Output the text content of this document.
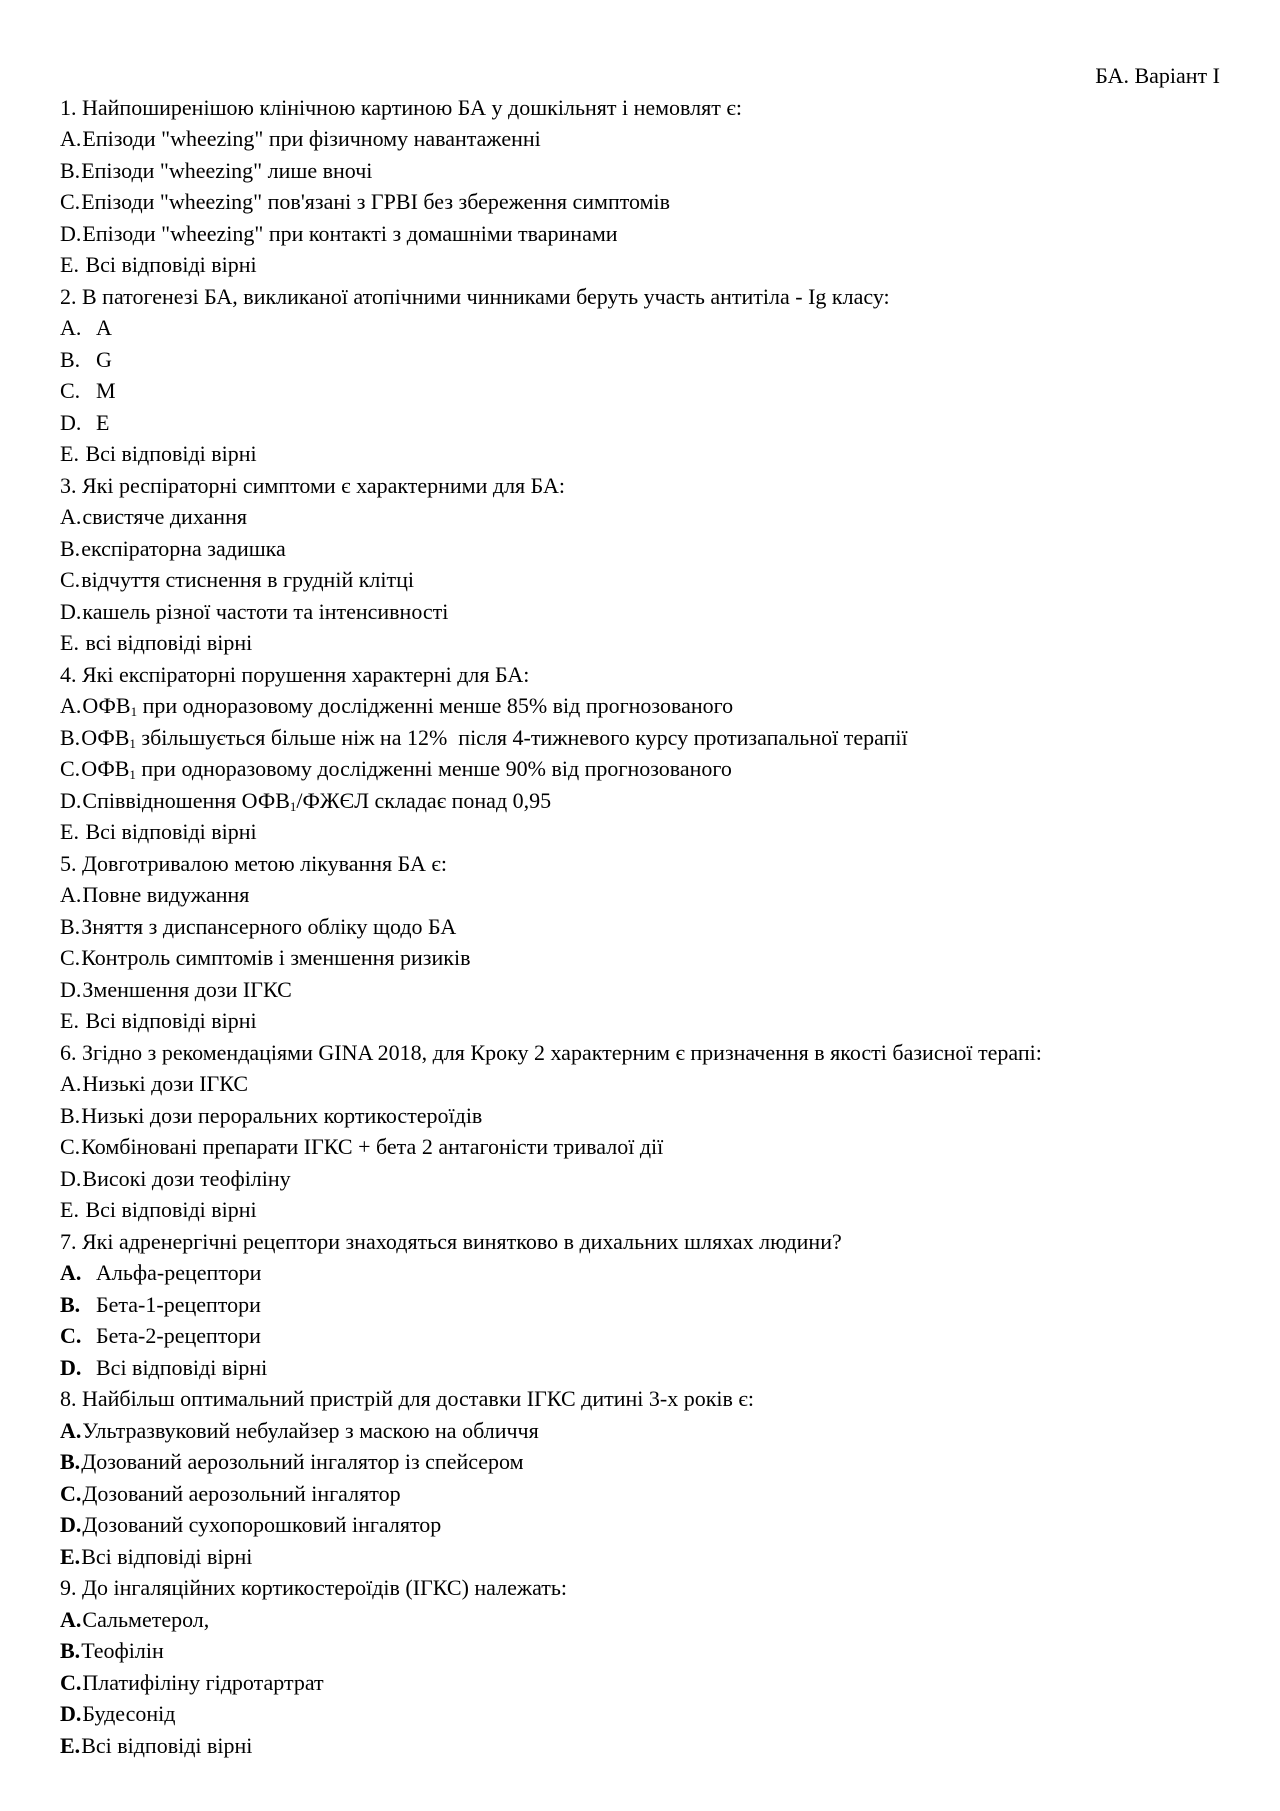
БА. Варіант І
1. Найпоширенішою клінічною картиною БА у дошкільнят і немовлят є:
A.Епізоди "wheezing" при фізичному навантаженні
B.Епізоди "wheezing" лише вночі
C.Епізоди "wheezing" пов'язані з ГРВІ без збереження симптомів
D.Епізоди "wheezing" при контакті з домашніми тваринами
E. Всі відповіді вірні
2. В патогенезі БА, викликаної атопічними чинниками беруть участь антитіла - Ig класу:
A. A
B. G
C. M
D. E
E. Всі відповіді вірні
3. Які респіраторні симптоми є характерними для БА:
A.свистяче дихання
B.експіраторна задишка
C.відчуття стиснення в грудній клітці
D.кашель різної частоти та інтенсивності
E. всі відповіді вірні
4. Які експіраторні порушення характерні для БА:
$A.ОФВ_1$ при одноразовому дослідженні менше 85% від прогнозованого
$B.ОФВ_1$ збільшується більше ніж на 12%  після 4-тижневого курсу протизапальної терапії
$C.ОФВ_1$ при одноразовому дослідженні менше 90% від прогнозованого
D.Співвідношення $ОФВ_1$/ФЖЄЛ складає понад 0,95
E. Всі відповіді вірні
5. Довготривалою метою лікування БА є:
A.Повне видужання
B.Зняття з диспансерного обліку щодо БА
C.Контроль симптомів і зменшення ризиків
D.Зменшення дози ІГКС
E. Всі відповіді вірні
6. Згідно з рекомендаціями GINA 2018, для Кроку 2 характерним є призначення в якості базисної терапі:
A.Низькі дози ІГКС
B.Низькі дози пероральних кортикостероїдів
C.Комбіновані препарати ІГКС + бета 2 антагоністи тривалої дії
D.Високі дози теофіліну
E. Всі відповіді вірні
7. Які адренергічні рецептори знаходяться винятково в дихальних шляхах людини?
A. Альфа-рецептори
B. Бета-1-рецептори
C. Бета-2-рецептори
D. Всі відповіді вірні
8. Найбільш оптимальний пристрій для доставки ІГКС дитині 3-х років є:
A.Ультразвуковий небулайзер з маскою на обличчя
B.Дозований аерозольний інгалятор із спейсером
C.Дозований аерозольний інгалятор
D.Дозований сухопорошковий інгалятор
E.Всі відповіді вірні
9. До інгаляційних кортикостероїдів (ІГКС) належать:
A.Сальметерол,
B.Теофілін
C.Платифіліну гідротартрат
D.Будесонід
E.Всі відповіді вірні
